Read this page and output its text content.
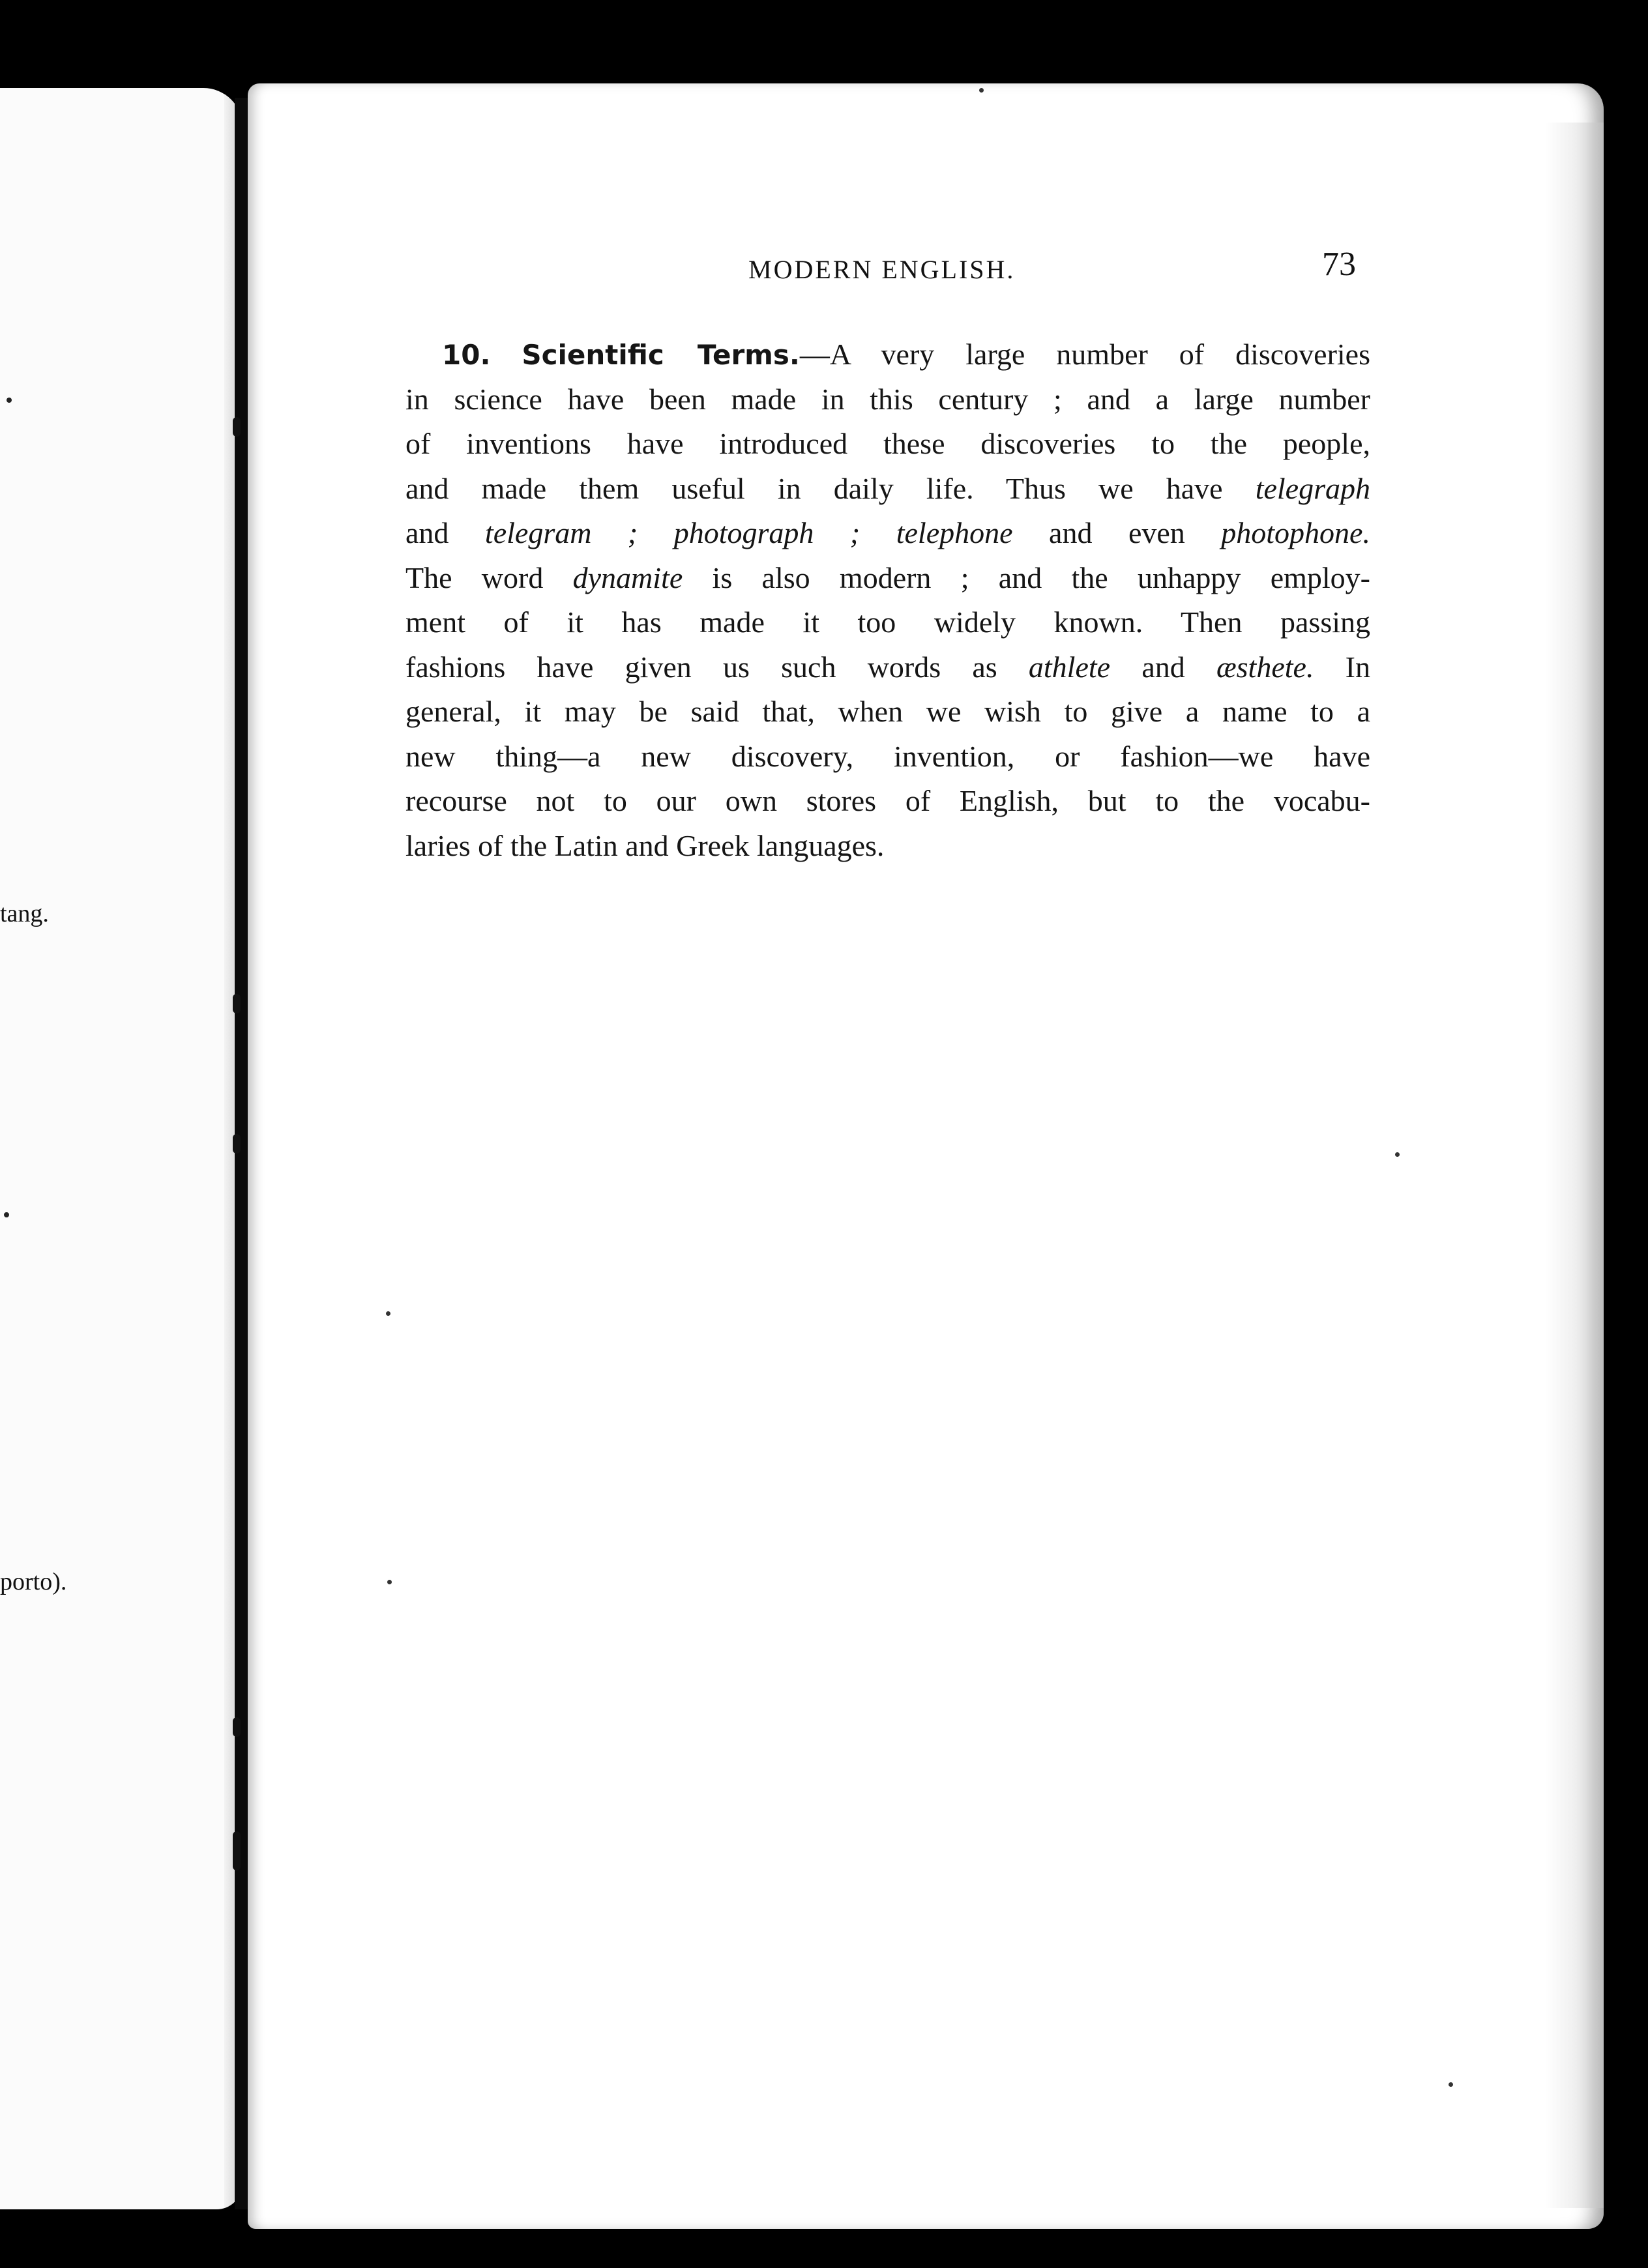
tang.
porto).
MODERN ENGLISH.	73
10. Scientific Terms.—A very large number of discoveries
in science have been made in this century ; and a large number
of inventions have introduced these discoveries to the people,
and made them useful in daily life. Thus we have telegraph
and telegram ; photograph ; telephone and even photophone.
The word dynamite is also modern ; and the unhappy employ-
ment of it has made it too widely known. Then passing
fashions have given us such words as athlete and æsthete. In
general, it may be said that, when we wish to give a name to a
new thing—a new discovery, invention, or fashion—we have
recourse not to our own stores of English, but to the vocabu-
laries of the Latin and Greek languages.
